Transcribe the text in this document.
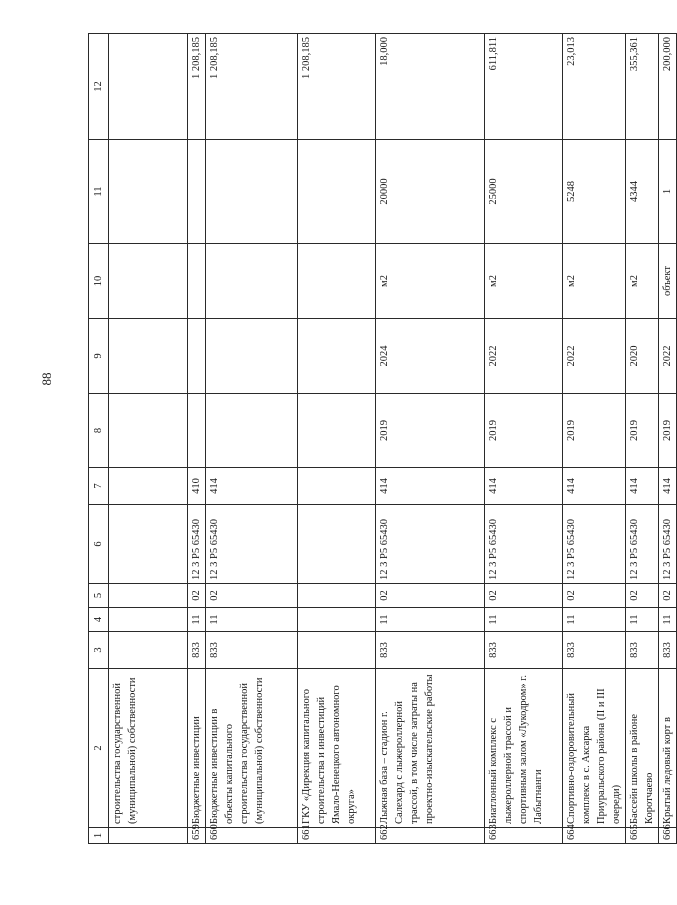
88
1	2	3	4	5	6	7	8	9	10	11	12
	строительства государственной (муниципальной) собственности										
659	Бюджетные инвестиции	833	11	02	12 3 P5 65430	410					1 208,185
660	Бюджетные инвестиции в объекты капитального строительства государственной (муниципальной) собственности	833	11	02	12 3 P5 65430	414					1 208,185
661	ГКУ «Дирекция капитального строительства и инвестиций Ямало-Ненецкого автономного округа»										1 208,185
662	Лыжная база – стадион г. Салехард с лыжероллерной трассой, в том числе затраты на проектно-изыскательские работы	833	11	02	12 3 P5 65430	414	2019	2024	м2	20000	18,000
663	Биатлонный комплекс с лыжероллерной трассой и спортивным залом «Лукодром» г. Лабытнанги	833	11	02	12 3 P5 65430	414	2019	2022	м2	25000	611,811
664	Спортивно-оздоровительный комплекс в с. Аксарка Приуральского района (II и III очереди)	833	11	02	12 3 P5 65430	414	2019	2022	м2	5248	23,013
665	Бассейн школы в районе Коротчаево	833	11	02	12 3 P5 65430	414	2019	2020	м2	4344	355,361
666	Крытый ледовый корт в	833	11	02	12 3 P5 65430	414	2019	2022	объект	1	200,000
